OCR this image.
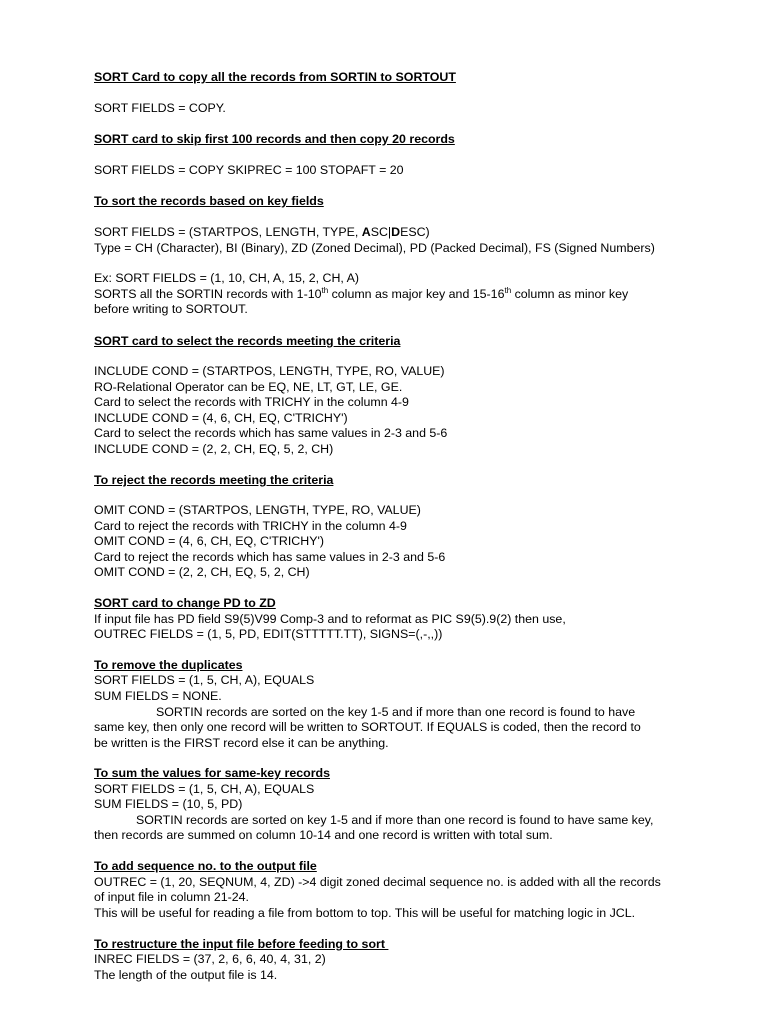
SORT Card to copy all the records from SORTIN to SORTOUT
SORT FIELDS = COPY.
SORT card to skip first 100 records and then copy 20 records
SORT FIELDS = COPY SKIPREC = 100 STOPAFT = 20
To sort the records based on key fields
SORT FIELDS = (STARTPOS, LENGTH, TYPE, ASC|DESC)
Type = CH (Character), BI (Binary), ZD (Zoned Decimal), PD (Packed Decimal), FS (Signed Numbers)
Ex: SORT FIELDS = (1, 10, CH, A, 15, 2, CH, A)
SORTS all the SORTIN records with 1-10th column as major key and 15-16th column as minor key
before writing to SORTOUT.
SORT card to select the records meeting the criteria
INCLUDE COND = (STARTPOS, LENGTH, TYPE, RO, VALUE)
RO-Relational Operator can be EQ, NE, LT, GT, LE, GE.
Card to select the records with TRICHY in the column 4-9
INCLUDE COND = (4, 6, CH, EQ, C'TRICHY')
Card to select the records which has same values in 2-3 and 5-6
INCLUDE COND = (2, 2, CH, EQ, 5, 2, CH)
To reject the records meeting the criteria
OMIT COND = (STARTPOS, LENGTH, TYPE, RO, VALUE)
Card to reject the records with TRICHY in the column 4-9
OMIT COND = (4, 6, CH, EQ, C'TRICHY')
Card to reject the records which has same values in 2-3 and 5-6
OMIT COND = (2, 2, CH, EQ, 5, 2, CH)
SORT card to change PD to ZD
If input file has PD field S9(5)V99 Comp-3 and to reformat as PIC S9(5).9(2) then use,
OUTREC FIELDS = (1, 5, PD, EDIT(STTTTT.TT), SIGNS=(,-,,))
To remove the duplicates
SORT FIELDS = (1, 5, CH, A), EQUALS
SUM FIELDS = NONE.
SORTIN records are sorted on the key 1-5 and if more than one record is found to have
same key, then only one record will be written to SORTOUT. If EQUALS is coded, then the record to
be written is the FIRST record else it can be anything.
To sum the values for same-key records
SORT FIELDS = (1, 5, CH, A), EQUALS
SUM FIELDS = (10, 5, PD)
SORTIN records are sorted on key 1-5 and if more than one record is found to have same key,
then records are summed on column 10-14 and one record is written with total sum.
To add sequence no. to the output file
OUTREC = (1, 20, SEQNUM, 4, ZD) ->4 digit zoned decimal sequence no. is added with all the records
of input file in column 21-24.
This will be useful for reading a file from bottom to top. This will be useful for matching logic in JCL.
To restructure the input file before feeding to sort
INREC FIELDS = (37, 2, 6, 6, 40, 4, 31, 2)
The length of the output file is 14.
